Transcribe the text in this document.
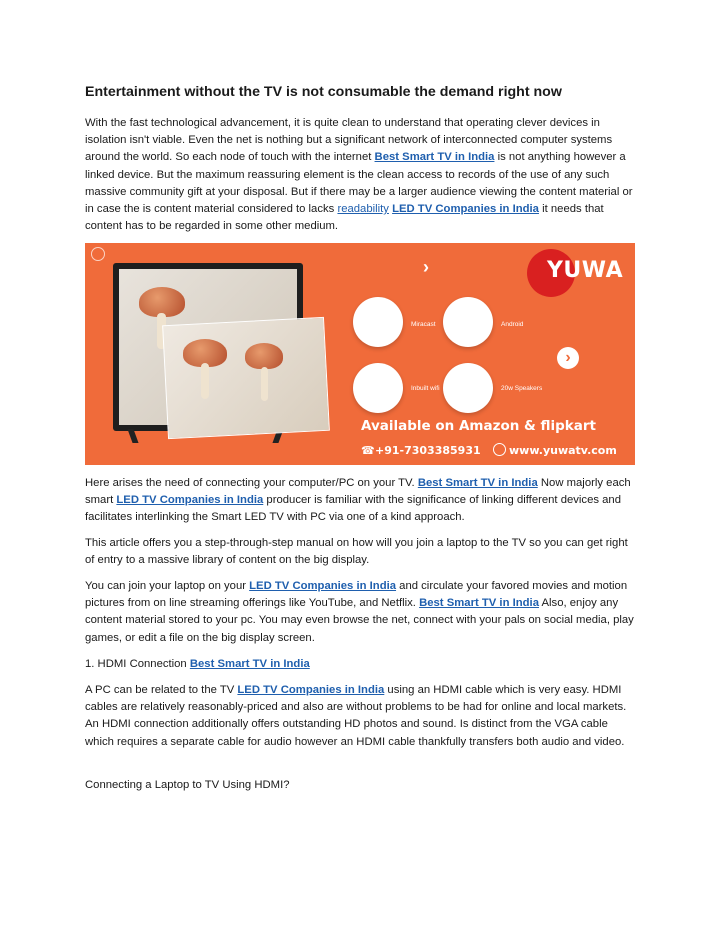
Entertainment without the TV is not consumable the demand right now

With the fast technological advancement, it is quite clean to understand that operating clever devices in isolation isn't viable. Even the net is nothing but a significant network of interconnected computer systems around the world. So each node of touch with the internet Best Smart TV in India is not anything however a linked device. But the maximum reassuring element is the clean access to records of the use of any such massive community gift at your disposal. But if there may be a larger audience viewing the content material or in case the is content material considered to lacks readability LED TV Companies in India it needs that content has to be regarded in some other medium.

›	YUWA
Miracast	Android
›
Inbuilt wifi	20w Speakers
Available on Amazon & flipkart
☎ +91-7303385931	www.yuwatv.com

Here arises the need of connecting your computer/PC on your TV. Best Smart TV in India Now majorly each smart LED TV Companies in India producer is familiar with the significance of linking different devices and facilitates interlinking the Smart LED TV with PC via one of a kind approach.

This article offers you a step-through-step manual on how will you join a laptop to the TV so you can get right of entry to a massive library of content on the big display.

You can join your laptop on your LED TV Companies in India and circulate your favored movies and motion pictures from on line streaming offerings like YouTube, and Netflix. Best Smart TV in India Also, enjoy any content material stored to your pc. You may even browse the net, connect with your pals on social media, play games, or edit a file on the big display screen.

1. HDMI Connection Best Smart TV in India

A PC can be related to the TV LED TV Companies in India using an HDMI cable which is very easy. HDMI cables are relatively reasonably-priced and also are without problems to be had for online and local markets. An HDMI connection additionally offers outstanding HD photos and sound. Is distinct from the VGA cable which requires a separate cable for audio however an HDMI cable thankfully transfers both audio and video.

Connecting a Laptop to TV Using HDMI?
